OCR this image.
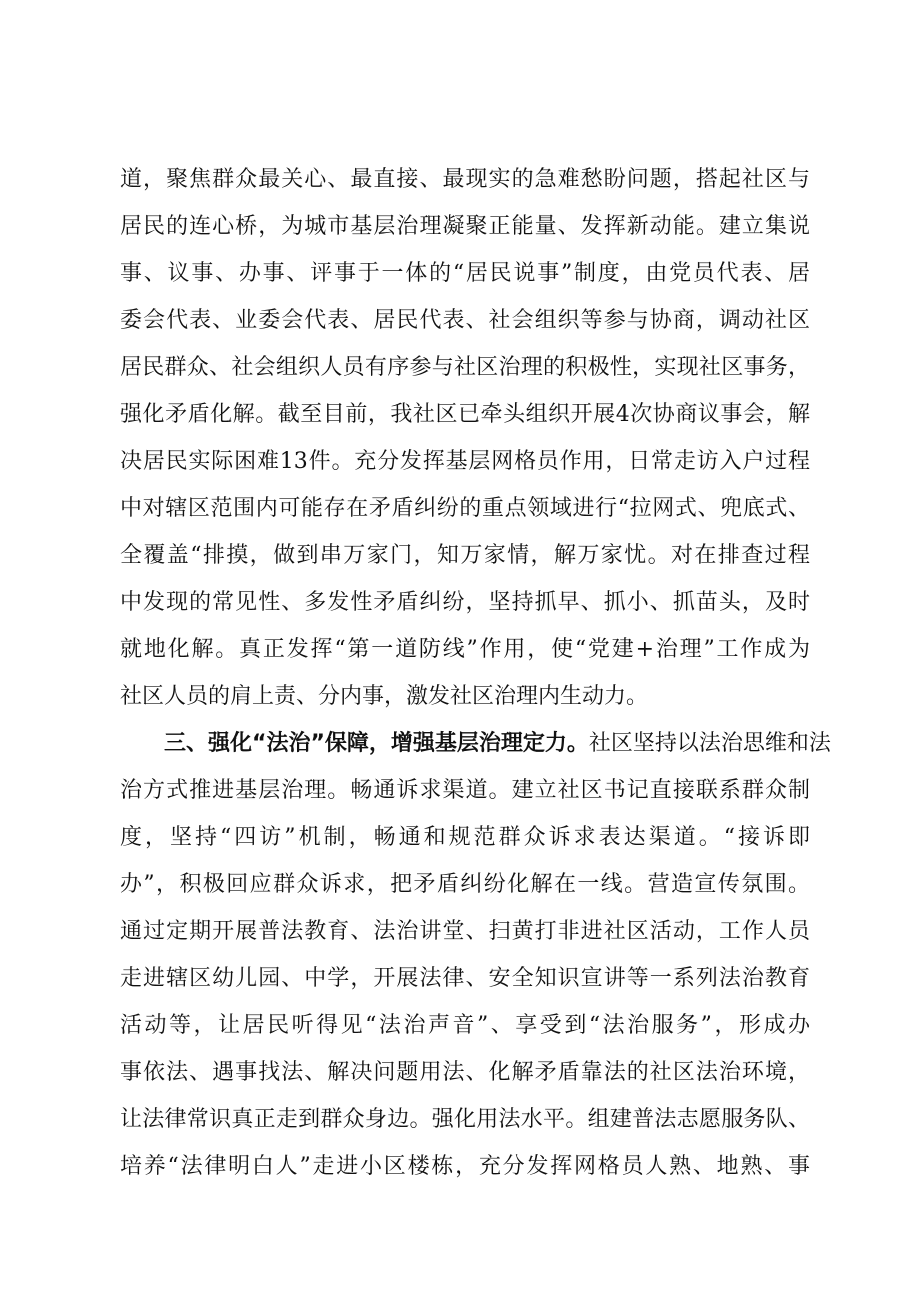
道，聚焦群众最关心、最直接、最现实的急难愁盼问题，搭起社区与
居民的连心桥，为城市基层治理凝聚正能量、发挥新动能。建立集说
事、议事、办事、评事于一体的“居民说事”制度，由党员代表、居
委会代表、业委会代表、居民代表、社会组织等参与协商，调动社区
居民群众、社会组织人员有序参与社区治理的积极性，实现社区事务，
强化矛盾化解。截至目前，我社区已牵头组织开展4次协商议事会，解
决居民实际困难13件。充分发挥基层网格员作用，日常走访入户过程
中对辖区范围内可能存在矛盾纠纷的重点领域进行“拉网式、兜底式、
全覆盖“排摸，做到串万家门，知万家情，解万家忧。对在排查过程
中发现的常见性、多发性矛盾纠纷，坚持抓早、抓小、抓苗头，及时
就地化解。真正发挥“第一道防线”作用，使“党建+治理”工作成为
社区人员的肩上责、分内事，激发社区治理内生动力。
三、强化“法治”保障，增强基层治理定力。社区坚持以法治思维和法
治方式推进基层治理。畅通诉求渠道。建立社区书记直接联系群众制
度，坚持“四访”机制，畅通和规范群众诉求表达渠道。“接诉即
办”，积极回应群众诉求，把矛盾纠纷化解在一线。营造宣传氛围。
通过定期开展普法教育、法治讲堂、扫黄打非进社区活动，工作人员
走进辖区幼儿园、中学，开展法律、安全知识宣讲等一系列法治教育
活动等，让居民听得见“法治声音”、享受到“法治服务”，形成办
事依法、遇事找法、解决问题用法、化解矛盾靠法的社区法治环境，
让法律常识真正走到群众身边。强化用法水平。组建普法志愿服务队、
培养“法律明白人”走进小区楼栋，充分发挥网格员人熟、地熟、事
